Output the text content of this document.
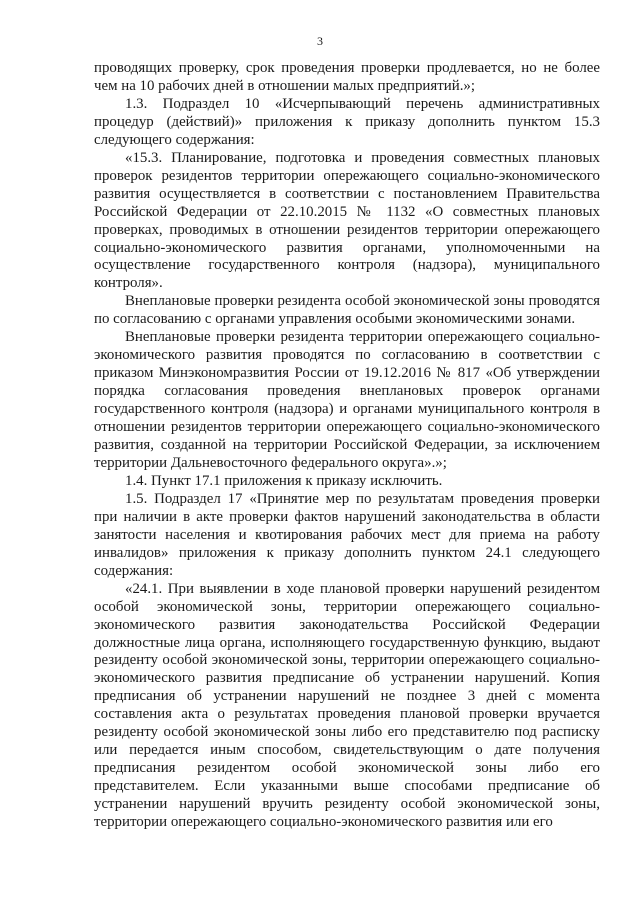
3

проводящих проверку, срок проведения проверки продлевается, но не более чем на 10 рабочих дней в отношении малых предприятий.»;

1.3. Подраздел 10 «Исчерпывающий перечень административных процедур (действий)» приложения к приказу дополнить пунктом 15.3 следующего содержания:

«15.3. Планирование, подготовка и проведения совместных плановых проверок резидентов территории опережающего социально-экономического развития осуществляется в соответствии с постановлением Правительства Российской Федерации от 22.10.2015 № 1132 «О совместных плановых проверках, проводимых в отношении резидентов территории опережающего социально-экономического развития органами, уполномоченными на осуществление государственного контроля (надзора), муниципального контроля».

Внеплановые проверки резидента особой экономической зоны проводятся по согласованию с органами управления особыми экономическими зонами.

Внеплановые проверки резидента территории опережающего социально-экономического развития проводятся по согласованию в соответствии с приказом Минэкономразвития России от 19.12.2016 № 817 «Об утверждении порядка согласования проведения внеплановых проверок органами государственного контроля (надзора) и органами муниципального контроля в отношении резидентов территории опережающего социально-экономического развития, созданной на территории Российской Федерации, за исключением территории Дальневосточного федерального округа».»;

1.4. Пункт 17.1 приложения к приказу исключить.

1.5. Подраздел 17 «Принятие мер по результатам проведения проверки при наличии в акте проверки фактов нарушений законодательства в области занятости населения и квотирования рабочих мест для приема на работу инвалидов» приложения к приказу дополнить пунктом 24.1 следующего содержания:

«24.1. При выявлении в ходе плановой проверки нарушений резидентом особой экономической зоны, территории опережающего социально-экономического развития законодательства Российской Федерации должностные лица органа, исполняющего государственную функцию, выдают резиденту особой экономической зоны, территории опережающего социально-экономического развития предписание об устранении нарушений. Копия предписания об устранении нарушений не позднее 3 дней с момента составления акта о результатах проведения плановой проверки вручается резиденту особой экономической зоны либо его представителю под расписку или передается иным способом, свидетельствующим о дате получения предписания резидентом особой экономической зоны либо его представителем. Если указанными выше способами предписание об устранении нарушений вручить резиденту особой экономической зоны, территории опережающего социально-экономического развития или его
